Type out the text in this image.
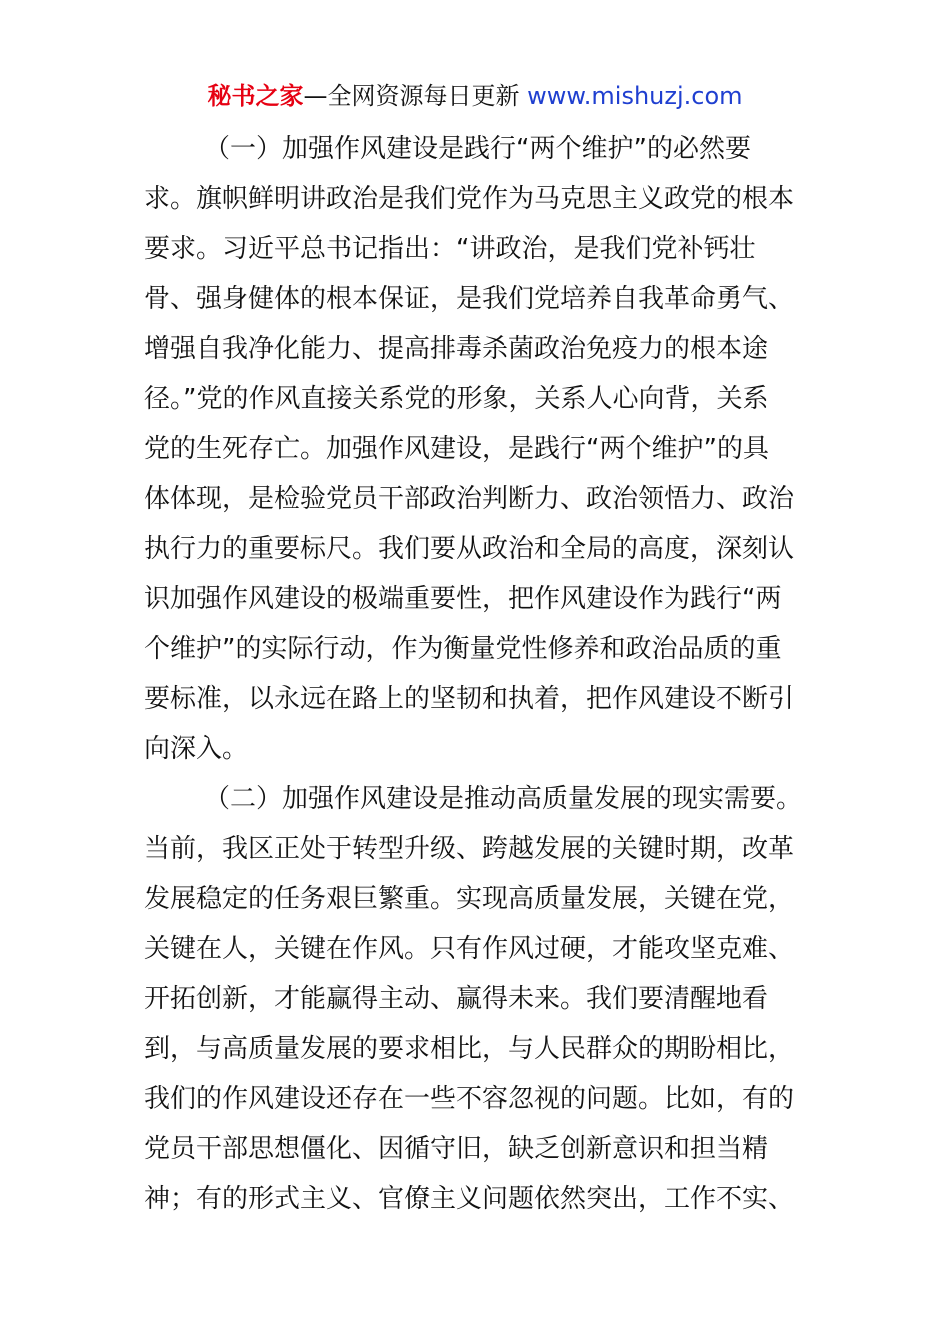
秘书之家—全网资源每日更新 www.mishuzj.com
（一）加强作风建设是践行“两个维护”的必然要
求。旗帜鲜明讲政治是我们党作为马克思主义政党的根本
要求。习近平总书记指出：“讲政治，是我们党补钙壮
骨、强身健体的根本保证，是我们党培养自我革命勇气、
增强自我净化能力、提高排毒杀菌政治免疫力的根本途
径。”党的作风直接关系党的形象，关系人心向背，关系
党的生死存亡。加强作风建设，是践行“两个维护”的具
体体现，是检验党员干部政治判断力、政治领悟力、政治
执行力的重要标尺。我们要从政治和全局的高度，深刻认
识加强作风建设的极端重要性，把作风建设作为践行“两
个维护”的实际行动，作为衡量党性修养和政治品质的重
要标准，以永远在路上的坚韧和执着，把作风建设不断引
向深入。
（二）加强作风建设是推动高质量发展的现实需要。
当前，我区正处于转型升级、跨越发展的关键时期，改革
发展稳定的任务艰巨繁重。实现高质量发展，关键在党，
关键在人，关键在作风。只有作风过硬，才能攻坚克难、
开拓创新，才能赢得主动、赢得未来。我们要清醒地看
到，与高质量发展的要求相比，与人民群众的期盼相比，
我们的作风建设还存在一些不容忽视的问题。比如，有的
党员干部思想僵化、因循守旧，缺乏创新意识和担当精
神；有的形式主义、官僚主义问题依然突出，工作不实、
